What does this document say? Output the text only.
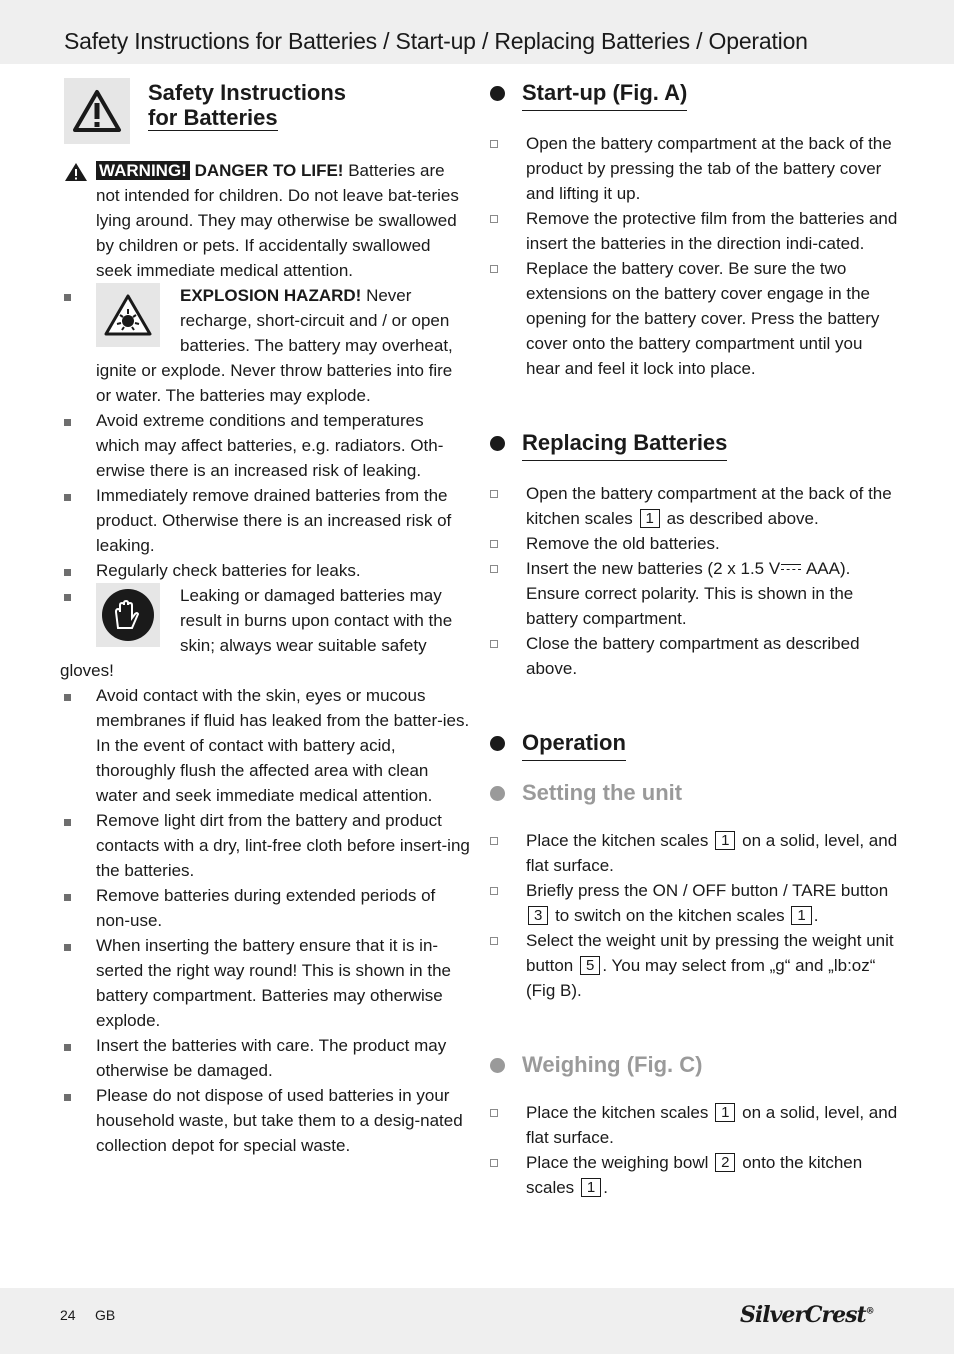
Safety Instructions for Batteries / Start-up / Replacing Batteries / Operation
Safety Instructions
for Batteries
WARNING! DANGER TO LIFE! Batteries are not intended for children. Do not leave bat-teries lying around. They may otherwise be swallowed by children or pets. If accidentally swallowed seek immediate medical attention.
EXPLOSION HAZARD! Never recharge, short-circuit and / or open batteries. The battery may overheat,
ignite or explode. Never throw batteries into fire or water. The batteries may explode.
Avoid extreme conditions and temperatures which may affect batteries, e.g. radiators. Oth-erwise there is an increased risk of leaking.
Immediately remove drained batteries from the product. Otherwise there is an increased risk of leaking.
Regularly check batteries for leaks.
Leaking or damaged batteries may result in burns upon contact with the skin; always wear suitable safety
gloves!
Avoid contact with the skin, eyes or mucous membranes if fluid has leaked from the batter-ies. In the event of contact with battery acid, thoroughly flush the affected area with clean water and seek immediate medical attention.
Remove light dirt from the battery and product contacts with a dry, lint-free cloth before insert-ing the batteries.
Remove batteries during extended periods of non-use.
When inserting the battery ensure that it is in-serted the right way round! This is shown in the battery compartment. Batteries may otherwise explode.
Insert the batteries with care. The product may otherwise be damaged.
Please do not dispose of used batteries in your household waste, but take them to a desig-nated collection depot for special waste.
Start-up (Fig. A)
Open the battery compartment at the back of the product by pressing the tab of the battery cover and lifting it up.
Remove the protective film from the batteries and insert the batteries in the direction indi-cated.
Replace the battery cover. Be sure the two extensions on the battery cover engage in the opening for the battery cover. Press the battery cover onto the battery compartment until you hear and feel it lock into place.
Replacing Batteries
Open the battery compartment at the back of the kitchen scales 1 as described above.
Remove the old batteries.
Insert the new batteries (2 x 1.5 V AAA). Ensure correct polarity. This is shown in the battery compartment.
Close the battery compartment as described above.
Operation
Setting the unit
Place the kitchen scales 1 on a solid, level, and flat surface.
Briefly press the ON / OFF button / TARE button 3 to switch on the kitchen scales 1 .
Select the weight unit by pressing the weight unit button 5 . You may select from „g“ and „lb:oz“ (Fig B).
Weighing (Fig. C)
Place the kitchen scales 1 on a solid, level, and flat surface.
Place the weighing bowl 2 onto the kitchen scales 1 .
24 GB	SilverCrest®
